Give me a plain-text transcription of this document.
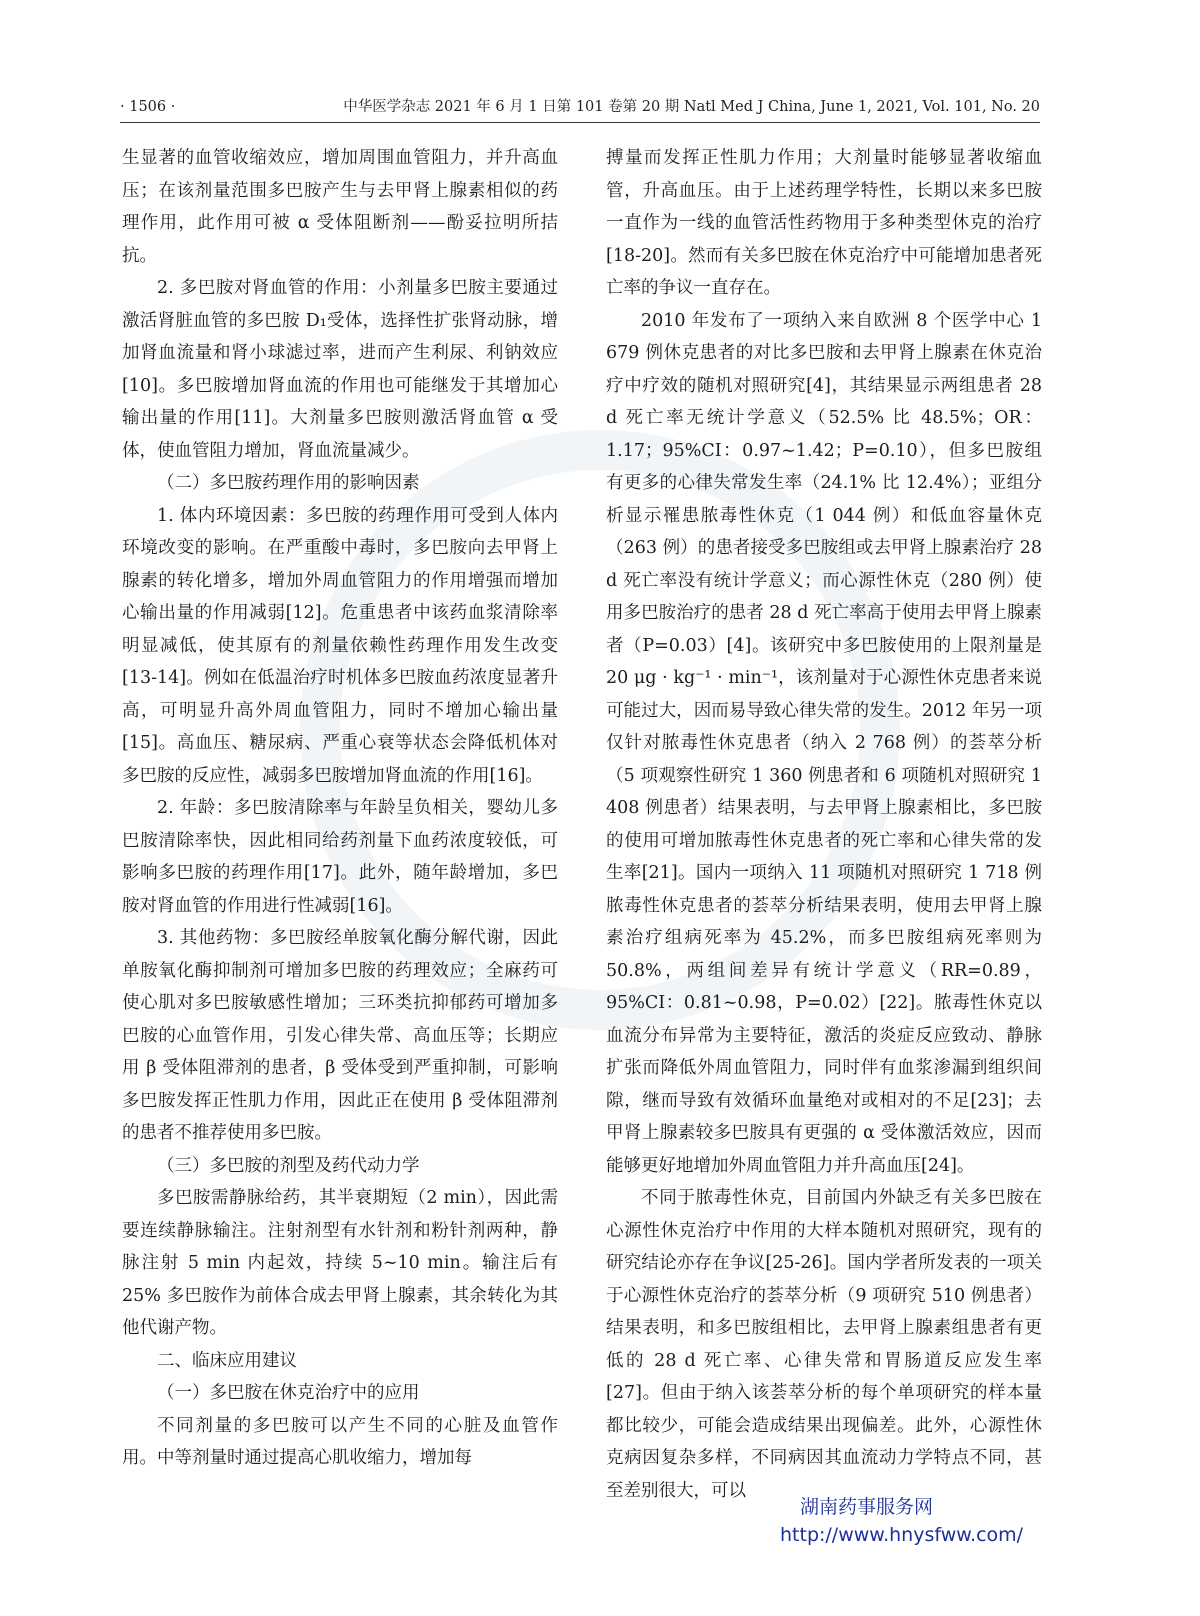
· 1506 ·	中华医学杂志 2021 年 6 月 1 日第 101 卷第 20 期 Natl Med J China, June 1, 2021, Vol. 101, No. 20

生显著的血管收缩效应，增加周围血管阻力，并升高血压；在该剂量范围多巴胺产生与去甲肾上腺素相似的药理作用，此作用可被 α 受体阻断剂——酚妥拉明所拮抗。

2. 多巴胺对肾血管的作用：小剂量多巴胺主要通过激活肾脏血管的多巴胺 D₁受体，选择性扩张肾动脉，增加肾血流量和肾小球滤过率，进而产生利尿、利钠效应[10]。多巴胺增加肾血流的作用也可能继发于其增加心输出量的作用[11]。大剂量多巴胺则激活肾血管 α 受体，使血管阻力增加，肾血流量减少。

（二）多巴胺药理作用的影响因素

1. 体内环境因素：多巴胺的药理作用可受到人体内环境改变的影响。在严重酸中毒时，多巴胺向去甲肾上腺素的转化增多，增加外周血管阻力的作用增强而增加心输出量的作用减弱[12]。危重患者中该药血浆清除率明显减低，使其原有的剂量依赖性药理作用发生改变[13-14]。例如在低温治疗时机体多巴胺血药浓度显著升高，可明显升高外周血管阻力，同时不增加心输出量[15]。高血压、糖尿病、严重心衰等状态会降低机体对多巴胺的反应性，减弱多巴胺增加肾血流的作用[16]。

2. 年龄：多巴胺清除率与年龄呈负相关，婴幼儿多巴胺清除率快，因此相同给药剂量下血药浓度较低，可影响多巴胺的药理作用[17]。此外，随年龄增加，多巴胺对肾血管的作用进行性减弱[16]。

3. 其他药物：多巴胺经单胺氧化酶分解代谢，因此单胺氧化酶抑制剂可增加多巴胺的药理效应；全麻药可使心肌对多巴胺敏感性增加；三环类抗抑郁药可增加多巴胺的心血管作用，引发心律失常、高血压等；长期应用 β 受体阻滞剂的患者，β 受体受到严重抑制，可影响多巴胺发挥正性肌力作用，因此正在使用 β 受体阻滞剂的患者不推荐使用多巴胺。

（三）多巴胺的剂型及药代动力学

多巴胺需静脉给药，其半衰期短（2 min），因此需要连续静脉输注。注射剂型有水针剂和粉针剂两种，静脉注射 5 min 内起效，持续 5~10 min。输注后有 25% 多巴胺作为前体合成去甲肾上腺素，其余转化为其他代谢产物。

二、临床应用建议

（一）多巴胺在休克治疗中的应用

不同剂量的多巴胺可以产生不同的心脏及血管作用。中等剂量时通过提高心肌收缩力，增加每

搏量而发挥正性肌力作用；大剂量时能够显著收缩血管，升高血压。由于上述药理学特性，长期以来多巴胺一直作为一线的血管活性药物用于多种类型休克的治疗[18-20]。然而有关多巴胺在休克治疗中可能增加患者死亡率的争议一直存在。

2010 年发布了一项纳入来自欧洲 8 个医学中心 1 679 例休克患者的对比多巴胺和去甲肾上腺素在休克治疗中疗效的随机对照研究[4]，其结果显示两组患者 28 d 死亡率无统计学意义（52.5% 比 48.5%；OR：1.17；95%CI：0.97~1.42；P=0.10），但多巴胺组有更多的心律失常发生率（24.1% 比 12.4%）；亚组分析显示罹患脓毒性休克（1 044 例）和低血容量休克（263 例）的患者接受多巴胺组或去甲肾上腺素治疗 28 d 死亡率没有统计学意义；而心源性休克（280 例）使用多巴胺治疗的患者 28 d 死亡率高于使用去甲肾上腺素者（P=0.03）[4]。该研究中多巴胺使用的上限剂量是 20 μg · kg⁻¹ · min⁻¹，该剂量对于心源性休克患者来说可能过大，因而易导致心律失常的发生。2012 年另一项仅针对脓毒性休克患者（纳入 2 768 例）的荟萃分析（5 项观察性研究 1 360 例患者和 6 项随机对照研究 1 408 例患者）结果表明，与去甲肾上腺素相比，多巴胺的使用可增加脓毒性休克患者的死亡率和心律失常的发生率[21]。国内一项纳入 11 项随机对照研究 1 718 例脓毒性休克患者的荟萃分析结果表明，使用去甲肾上腺素治疗组病死率为 45.2%，而多巴胺组病死率则为 50.8%，两组间差异有统计学意义（RR=0.89，95%CI：0.81~0.98，P=0.02）[22]。脓毒性休克以血流分布异常为主要特征，激活的炎症反应致动、静脉扩张而降低外周血管阻力，同时伴有血浆渗漏到组织间隙，继而导致有效循环血量绝对或相对的不足[23]；去甲肾上腺素较多巴胺具有更强的 α 受体激活效应，因而能够更好地增加外周血管阻力并升高血压[24]。

不同于脓毒性休克，目前国内外缺乏有关多巴胺在心源性休克治疗中作用的大样本随机对照研究，现有的研究结论亦存在争议[25-26]。国内学者所发表的一项关于心源性休克治疗的荟萃分析（9 项研究 510 例患者）结果表明，和多巴胺组相比，去甲肾上腺素组患者有更低的 28 d 死亡率、心律失常和胃肠道反应发生率[27]。但由于纳入该荟萃分析的每个单项研究的样本量都比较少，可能会造成结果出现偏差。此外，心源性休克病因复杂多样，不同病因其血流动力学特点不同，甚至差别很大，可以

湖南药事服务网
http://www.hnysfww.com/
